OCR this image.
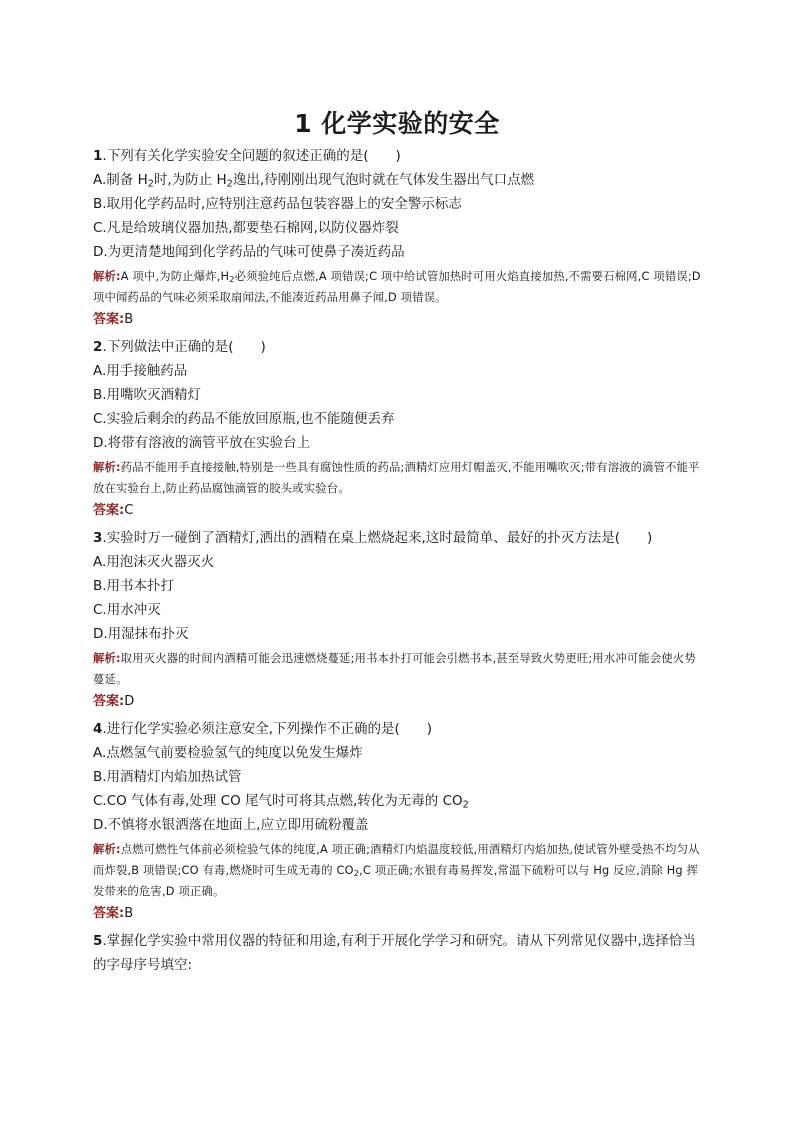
1 化学实验的安全
1.下列有关化学实验安全问题的叙述正确的是(　　)
A.制备 $H_2$时,为防止 $H_2$逸出,待刚刚出现气泡时就在气体发生器出气口点燃
B.取用化学药品时,应特别注意药品包装容器上的安全警示标志
C.凡是给玻璃仪器加热,都要垫石棉网,以防仪器炸裂
D.为更清楚地闻到化学药品的气味可使鼻子凑近药品
解析:A 项中,为防止爆炸$,H_2$必须验纯后点燃,A 项错误;C 项中给试管加热时可用火焰直接加热,不需要石棉网,C 项错误;D 项中闻药品的气味必须采取扇闻法,不能凑近药品用鼻子闻,D 项错误。
答案:B
2.下列做法中正确的是(　　)
A.用手接触药品
B.用嘴吹灭酒精灯
C.实验后剩余的药品不能放回原瓶,也不能随便丢弃
D.将带有溶液的滴管平放在实验台上
解析:药品不能用手直接接触,特别是一些具有腐蚀性质的药品;酒精灯应用灯帽盖灭,不能用嘴吹灭;带有溶液的滴管不能平放在实验台上,防止药品腐蚀滴管的胶头或实验台。
答案:C
3.实验时万一碰倒了酒精灯,洒出的酒精在桌上燃烧起来,这时最简单、最好的扑灭方法是(　　)
A.用泡沫灭火器灭火
B.用书本扑打
C.用水冲灭
D.用湿抹布扑灭
解析:取用灭火器的时间内酒精可能会迅速燃烧蔓延;用书本扑打可能会引燃书本,甚至导致火势更旺;用水冲可能会使火势蔓延。
答案:D
4.进行化学实验必须注意安全,下列操作不正确的是(　　)
A.点燃氢气前要检验氢气的纯度以免发生爆炸
B.用酒精灯内焰加热试管
C.CO 气体有毒,处理 CO 尾气时可将其点燃,转化为无毒的 $CO_2$
D.不慎将水银洒落在地面上,应立即用硫粉覆盖
解析:点燃可燃性气体前必须检验气体的纯度,A 项正确;酒精灯内焰温度较低,用酒精灯内焰加热,使试管外壁受热不均匀从而炸裂,B 项错误;CO 有毒,燃烧时可生成无毒的 $CO_2,C$ 项正确;水银有毒易挥发,常温下硫粉可以与 Hg 反应,消除 Hg 挥发带来的危害,D 项正确。
答案:B
5.掌握化学实验中常用仪器的特征和用途,有利于开展化学学习和研究。请从下列常见仪器中,选择恰当的字母序号填空:
